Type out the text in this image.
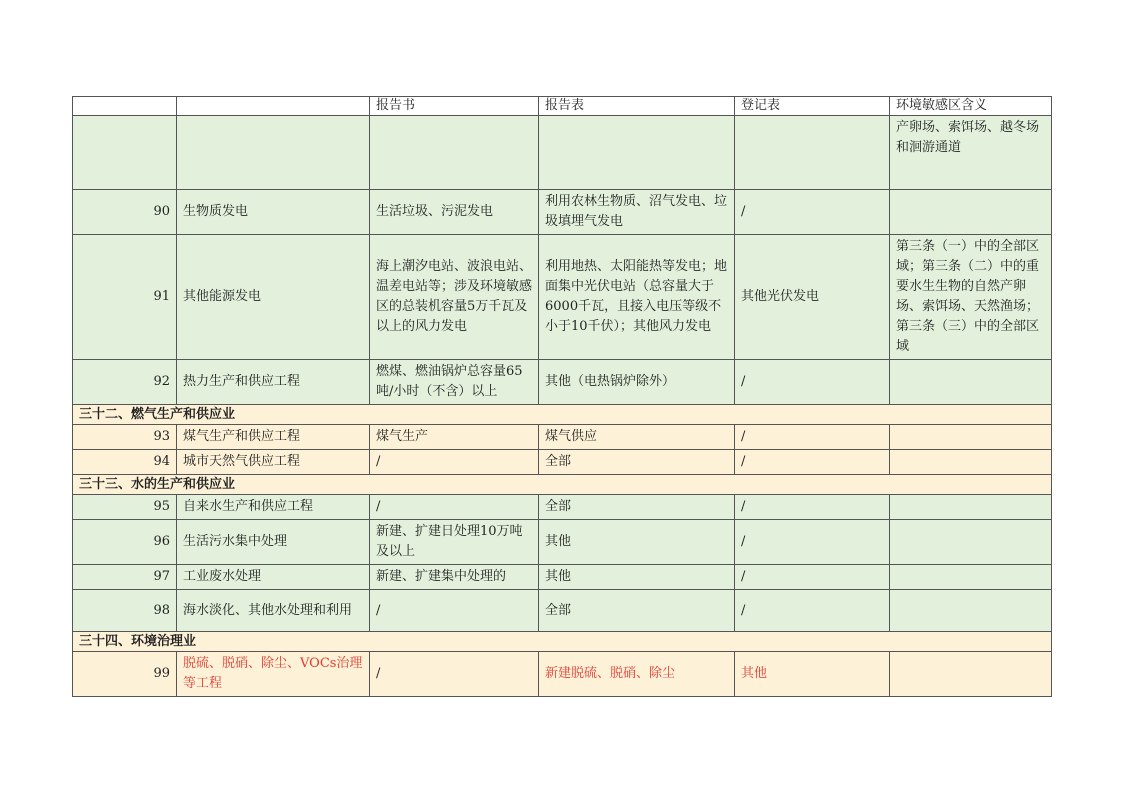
		报告书	报告表	登记表	环境敏感区含义
					产卵场、索饵场、越冬场和洄游通道
90	生物质发电	生活垃圾、污泥发电	利用农林生物质、沼气发电、垃圾填埋气发电	/	
91	其他能源发电	海上潮汐电站、波浪电站、温差电站等；涉及环境敏感区的总装机容量5万千瓦及以上的风力发电	利用地热、太阳能热等发电；地面集中光伏电站（总容量大于6000千瓦，且接入电压等级不小于10千伏）；其他风力发电	其他光伏发电	第三条（一）中的全部区域；第三条（二）中的重要水生生物的自然产卵场、索饵场、天然渔场；第三条（三）中的全部区域
92	热力生产和供应工程	燃煤、燃油锅炉总容量65吨/小时（不含）以上	其他（电热锅炉除外）	/	
三十二、燃气生产和供应业					
93	煤气生产和供应工程	煤气生产	煤气供应	/	
94	城市天然气供应工程	/	全部	/	
三十三、水的生产和供应业					
95	自来水生产和供应工程	/	全部	/	
96	生活污水集中处理	新建、扩建日处理10万吨及以上	其他	/	
97	工业废水处理	新建、扩建集中处理的	其他	/	
98	海水淡化、其他水处理和利用	/	全部	/	
三十四、环境治理业					
99	脱硫、脱硝、除尘、VOCs治理等工程	/	新建脱硫、脱硝、除尘	其他	
